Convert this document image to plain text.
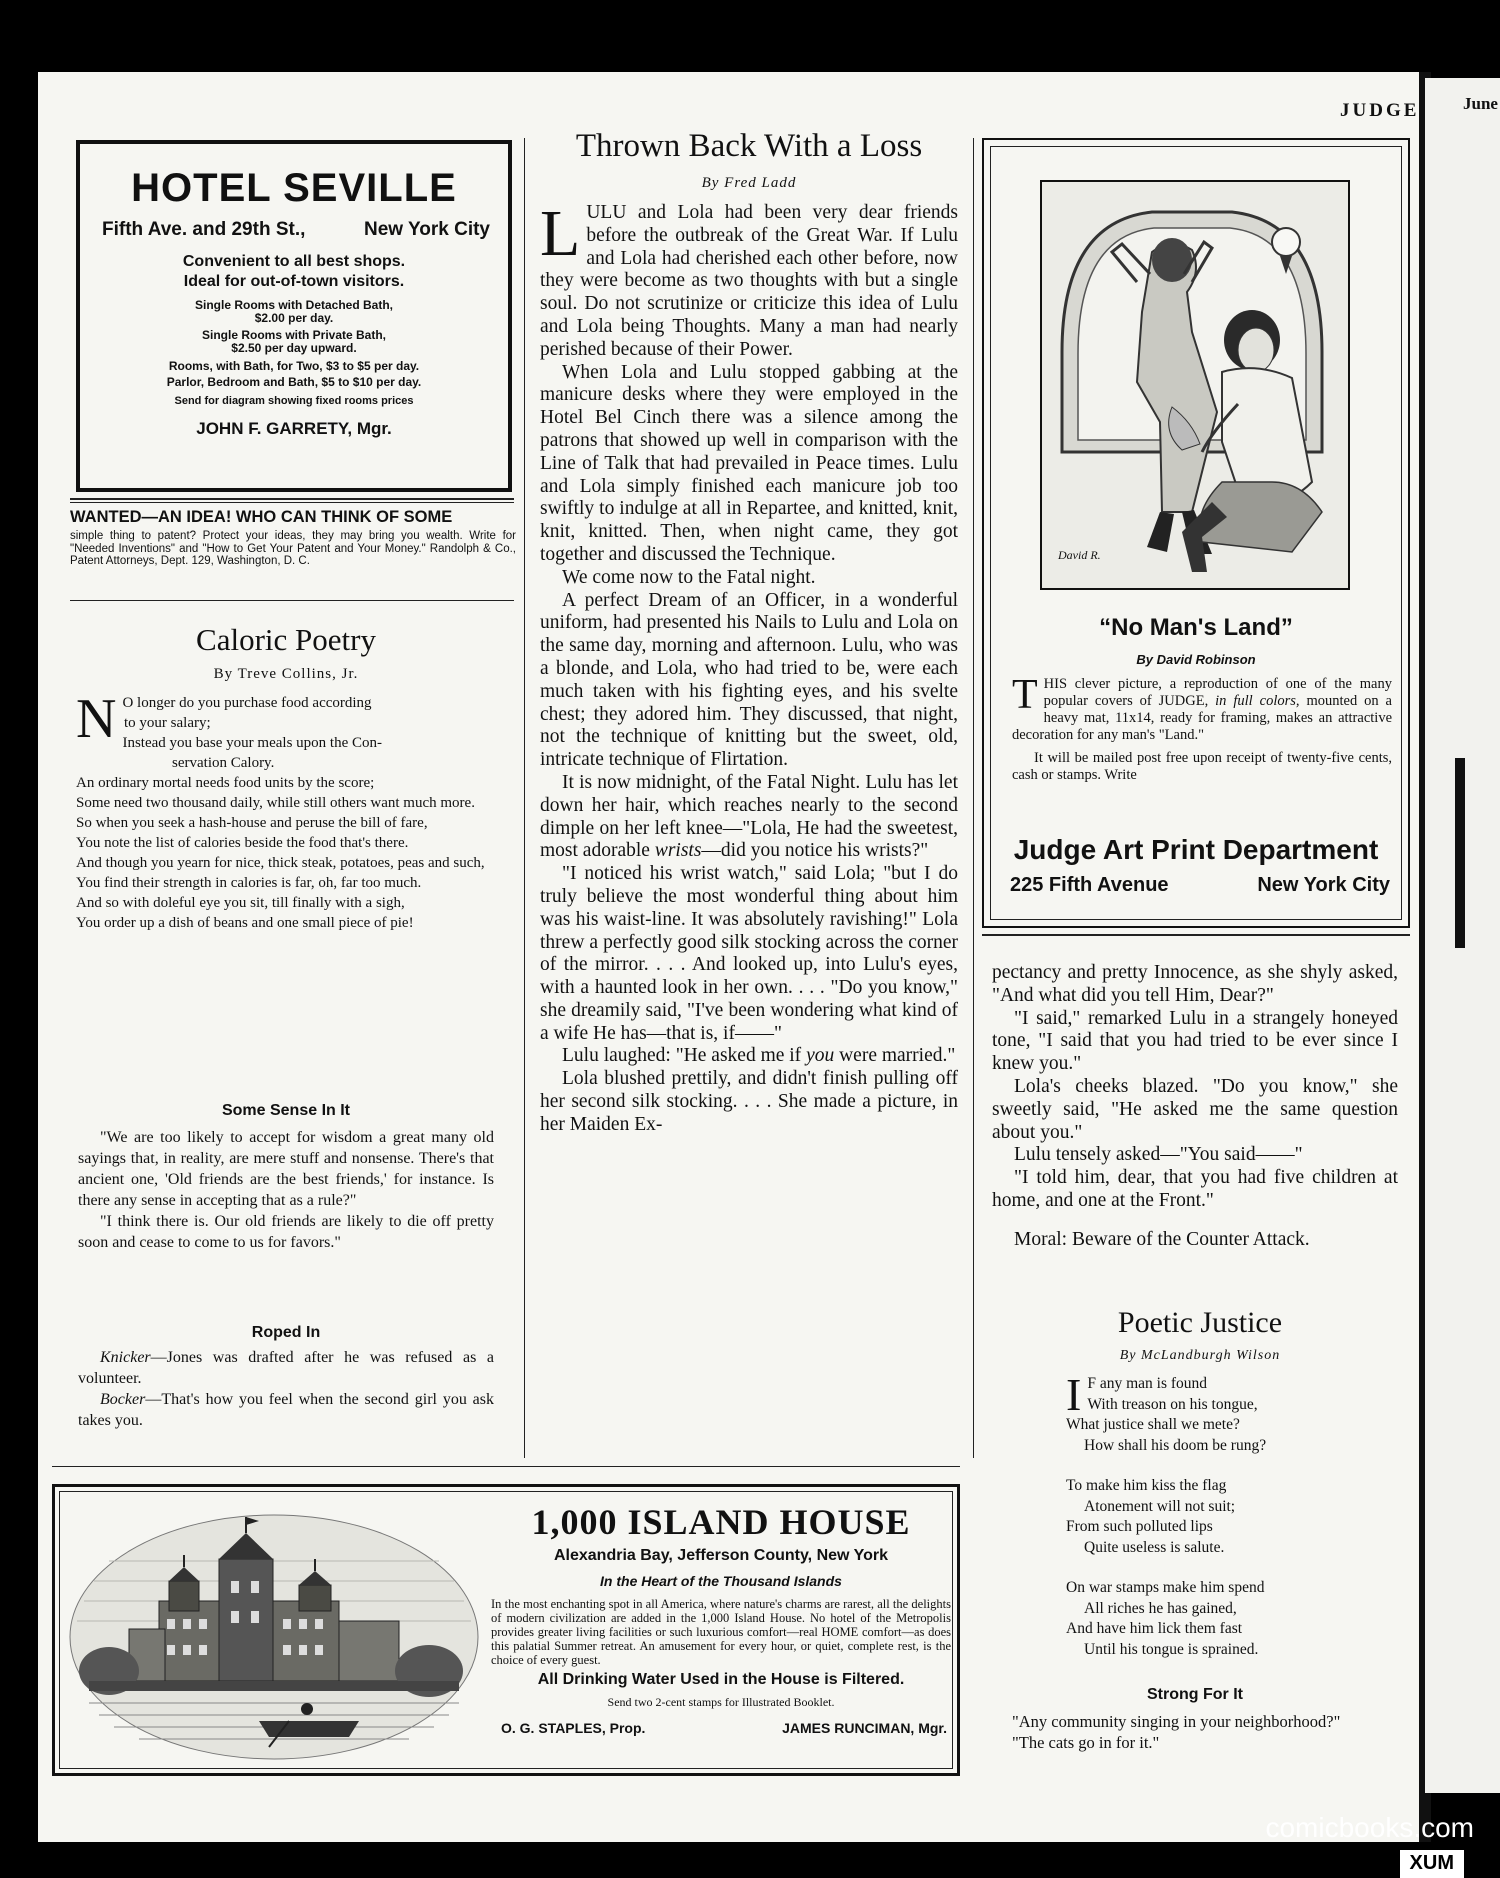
June
JUDGE
HOTEL SEVILLE
Fifth Ave. and 29th St.,	New York City
Convenient to all best shops.
Ideal for out-of-town visitors.
Single Rooms with Detached Bath,
$2.00 per day.
Single Rooms with Private Bath,
$2.50 per day upward.
Rooms, with Bath, for Two, $3 to $5 per day.
Parlor, Bedroom and Bath, $5 to $10 per day.
Send for diagram showing fixed rooms prices
JOHN F. GARRETY, Mgr.
WANTED—AN IDEA! WHO CAN THINK OF SOME
simple thing to patent? Protect your ideas, they may bring you wealth. Write for "Needed Inventions" and "How to Get Your Patent and Your Money." Randolph & Co., Patent Attorneys, Dept. 129, Washington, D. C.
Caloric Poetry
By Treve Collins, Jr.
N O longer do you purchase food according

to your salary;

Instead you base your meals upon the Con-

servation Calory.

An ordinary mortal needs food units by the score;

Some need two thousand daily, while still others want much more.

So when you seek a hash-house and peruse the bill of fare,

You note the list of calories beside the food that's there.

And though you yearn for nice, thick steak, potatoes, peas and such,

You find their strength in calories is far, oh, far too much.

And so with doleful eye you sit, till finally with a sigh,

You order up a dish of beans and one small piece of pie!

Some Sense In It

"We are too likely to accept for wisdom a great many old sayings that, in reality, are mere stuff and nonsense. There's that ancient one, 'Old friends are the best friends,' for instance. Is there any sense in accepting that as a rule?"

"I think there is. Our old friends are likely to die off pretty soon and cease to come to us for favors."

Roped In

Knicker—Jones was drafted after he was refused as a volunteer.

Bocker—That's how you feel when the second girl you ask takes you.

Thrown Back With a Loss
By Fred Ladd

LULU and Lola had been very dear friends before the outbreak of the Great War. If Lulu and Lola had cherished each other before, now they were become as two thoughts with but a single soul. Do not scrutinize or criticize this idea of Lulu and Lola being Thoughts. Many a man had nearly perished because of their Power.

When Lola and Lulu stopped gabbing at the manicure desks where they were employed in the Hotel Bel Cinch there was a silence among the patrons that showed up well in comparison with the Line of Talk that had prevailed in Peace times. Lulu and Lola simply finished each manicure job too swiftly to indulge at all in Repartee, and knitted, knit, knit, knitted. Then, when night came, they got together and discussed the Technique.

We come now to the Fatal night.

A perfect Dream of an Officer, in a wonderful uniform, had presented his Nails to Lulu and Lola on the same day, morning and afternoon. Lulu, who was a blonde, and Lola, who had tried to be, were each much taken with his fighting eyes, and his svelte chest; they adored him. They discussed, that night, not the technique of knitting but the sweet, old, intricate technique of Flirtation.

It is now midnight, of the Fatal Night. Lulu has let down her hair, which reaches nearly to the second dimple on her left knee—"Lola, He had the sweetest, most adorable wrists—did you notice his wrists?"

"I noticed his wrist watch," said Lola; "but I do truly believe the most wonderful thing about him was his waist-line. It was absolutely ravishing!" Lola threw a perfectly good silk stocking across the corner of the mirror. . . . And looked up, into Lulu's eyes, with a haunted look in her own. . . . "Do you know," she dreamily said, "I've been wondering what kind of a wife He has—that is, if——"

Lulu laughed: "He asked me if you were married."

Lola blushed prettily, and didn't finish pulling off her second silk stocking. . . . She made a picture, in her Maiden Ex-

David R.
“No Man's Land”
By David Robinson

THIS clever picture, a reproduction of one of the many popular covers of JUDGE, in full colors, mounted on a heavy mat, 11x14, ready for framing, makes an attractive decoration for any man's "Land."

It will be mailed post free upon receipt of twenty-five cents, cash or stamps. Write

Judge Art Print Department
225 Fifth Avenue	New York City

pectancy and pretty Innocence, as she shyly asked, "And what did you tell Him, Dear?"

"I said," remarked Lulu in a strangely honeyed tone, "I said that you had tried to be ever since I knew you."

Lola's cheeks blazed. "Do you know," she sweetly said, "He asked me the same question about you."

Lulu tensely asked—"You said——"

"I told him, dear, that you had five children at home, and one at the Front."

Moral: Beware of the Counter Attack.

Poetic Justice
By McLandburgh Wilson
I F any man is found

With treason on his tongue,

What justice shall we mete?

How shall his doom be rung?

To make him kiss the flag

Atonement will not suit;

From such polluted lips

Quite useless is salute.

On war stamps make him spend

All riches he has gained,

And have him lick them fast

Until his tongue is sprained.

Strong For It

"Any community singing in your neighborhood?"

"The cats go in for it."

1,000 ISLAND HOUSE
Alexandria Bay, Jefferson County, New York
In the Heart of the Thousand Islands

In the most enchanting spot in all America, where nature's charms are rarest, all the delights of modern civilization are added in the 1,000 Island House. No hotel of the Metropolis provides greater living facilities or such luxurious comfort—real HOME comfort—as does this palatial Summer retreat. An amusement for every hour, or quiet, complete rest, is the choice of every guest.

All Drinking Water Used in the House is Filtered.
Send two 2-cent stamps for Illustrated Booklet.
O. G. STAPLES, Prop.	JAMES RUNCIMAN, Mgr.
comicbooks.com
XUM
